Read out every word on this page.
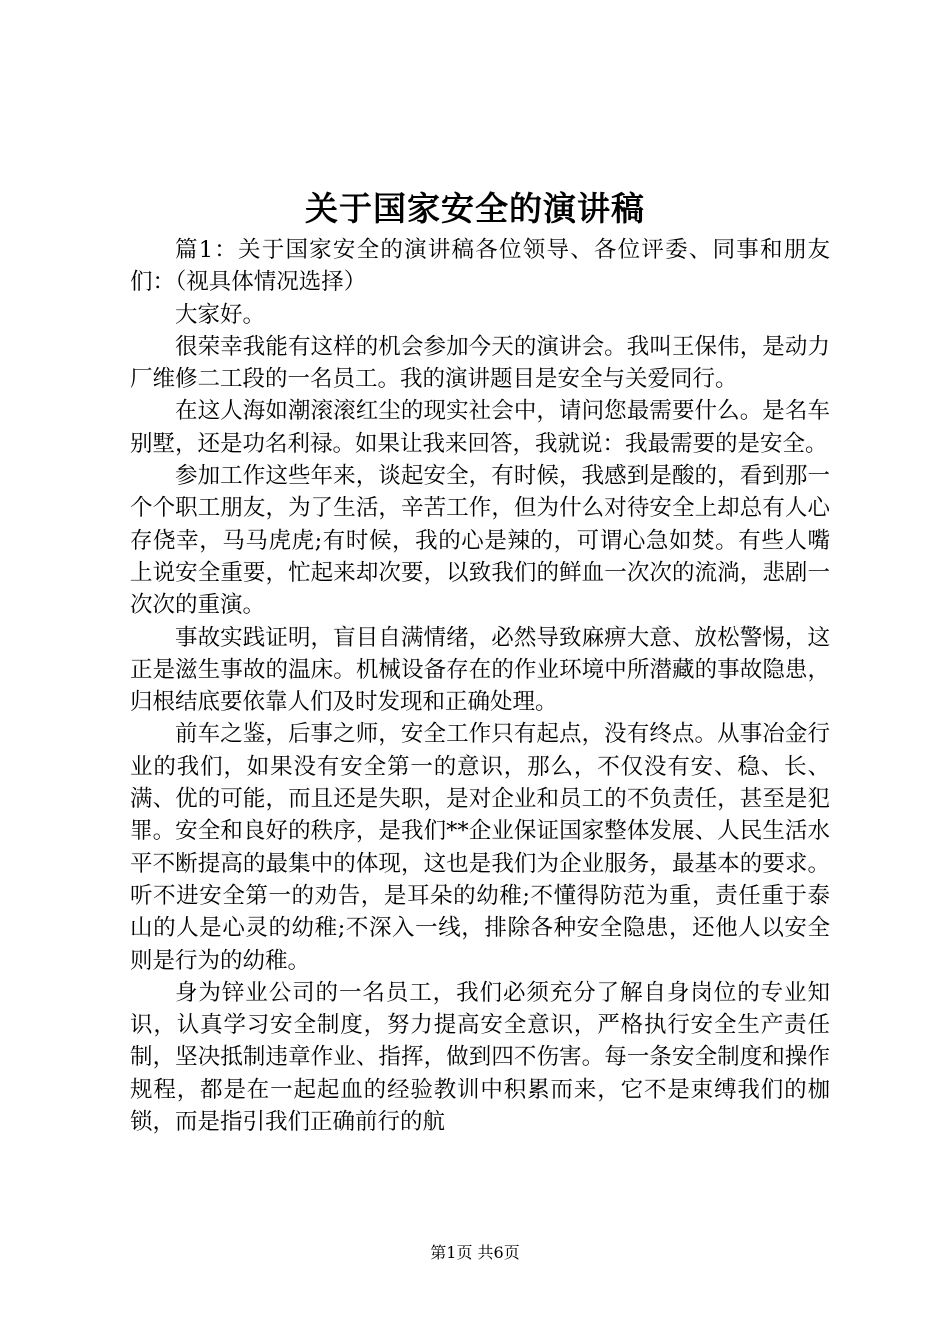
关于国家安全的演讲稿

篇1：关于国家安全的演讲稿各位领导、各位评委、同事和朋友们：（视具体情况选择）

大家好。

很荣幸我能有这样的机会参加今天的演讲会。我叫王保伟，是动力厂维修二工段的一名员工。我的演讲题目是安全与关爱同行。

在这人海如潮滚滚红尘的现实社会中，请问您最需要什么。是名车别墅，还是功名利禄。如果让我来回答，我就说：我最需要的是安全。

参加工作这些年来，谈起安全，有时候，我感到是酸的，看到那一个个职工朋友，为了生活，辛苦工作，但为什么对待安全上却总有人心存侥幸，马马虎虎;有时候，我的心是辣的，可谓心急如焚。有些人嘴上说安全重要，忙起来却次要，以致我们的鲜血一次次的流淌，悲剧一次次的重演。

事故实践证明，盲目自满情绪，必然导致麻痹大意、放松警惕，这正是滋生事故的温床。机械设备存在的作业环境中所潜藏的事故隐患，归根结底要依靠人们及时发现和正确处理。

前车之鉴，后事之师，安全工作只有起点，没有终点。从事冶金行业的我们，如果没有安全第一的意识，那么，不仅没有安、稳、长、满、优的可能，而且还是失职，是对企业和员工的不负责任，甚至是犯罪。安全和良好的秩序，是我们**企业保证国家整体发展、人民生活水平不断提高的最集中的体现，这也是我们为企业服务，最基本的要求。听不进安全第一的劝告，是耳朵的幼稚;不懂得防范为重，责任重于泰山的人是心灵的幼稚;不深入一线，排除各种安全隐患，还他人以安全则是行为的幼稚。

身为锌业公司的一名员工，我们必须充分了解自身岗位的专业知识，认真学习安全制度，努力提高安全意识，严格执行安全生产责任制，坚决抵制违章作业、指挥，做到四不伤害。每一条安全制度和操作规程，都是在一起起血的经验教训中积累而来，它不是束缚我们的枷锁，而是指引我们正确前行的航

第1页 共6页
